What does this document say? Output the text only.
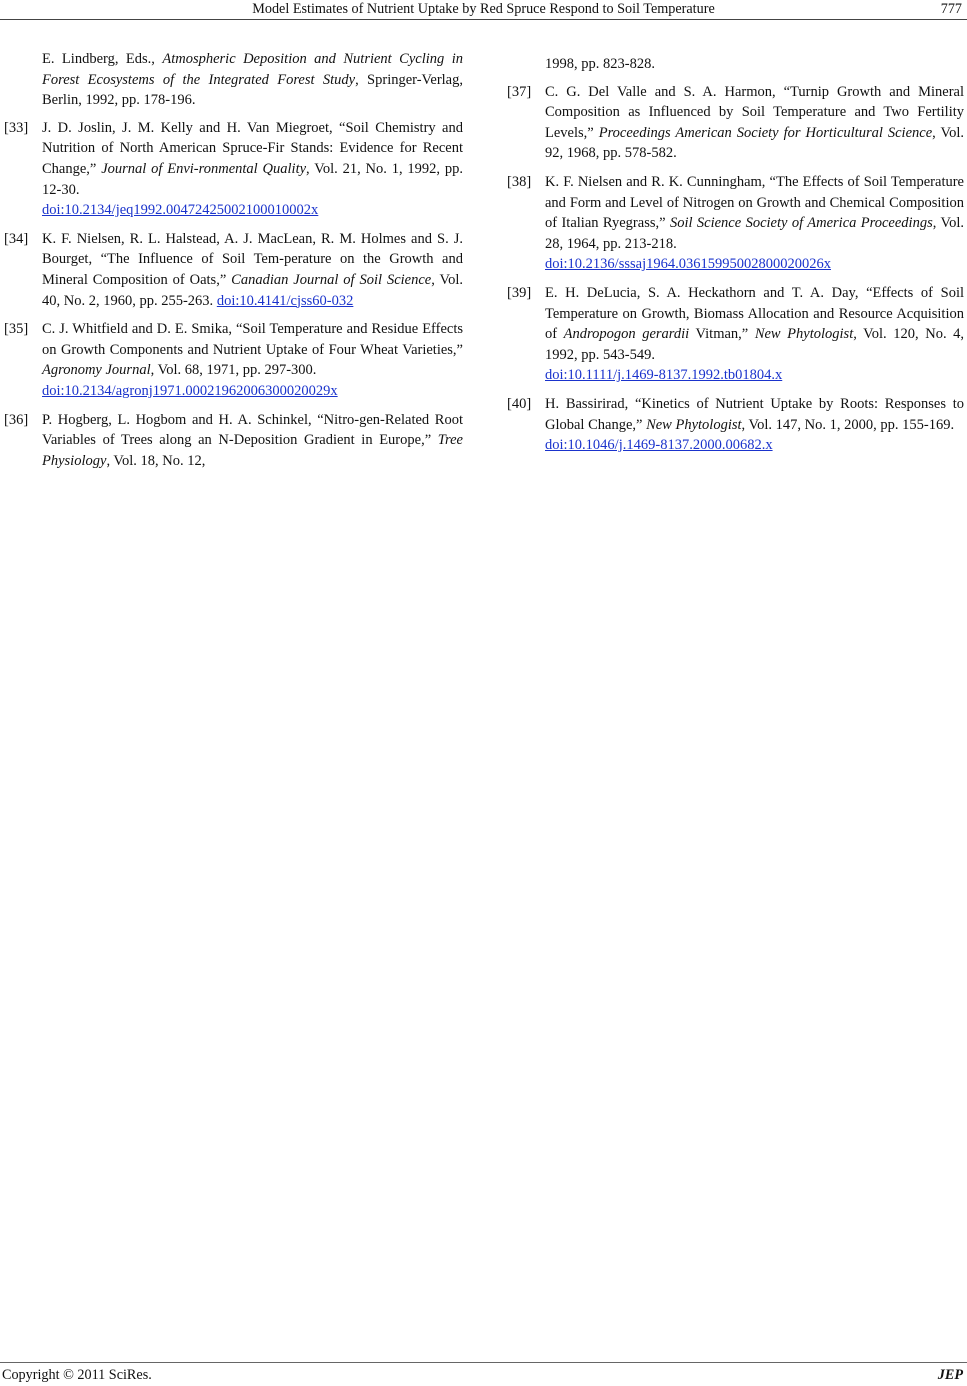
Model Estimates of Nutrient Uptake by Red Spruce Respond to Soil Temperature	777
E. Lindberg, Eds., Atmospheric Deposition and Nutrient Cycling in Forest Ecosystems of the Integrated Forest Study, Springer-Verlag, Berlin, 1992, pp. 178-196.
[33] J. D. Joslin, J. M. Kelly and H. Van Miegroet, “Soil Chemistry and Nutrition of North American Spruce-Fir Stands: Evidence for Recent Change,” Journal of Envi-ronmental Quality, Vol. 21, No. 1, 1992, pp. 12-30.
doi:10.2134/jeq1992.00472425002100010002x
[34] K. F. Nielsen, R. L. Halstead, A. J. MacLean, R. M. Holmes and S. J. Bourget, “The Influence of Soil Tem-perature on the Growth and Mineral Composition of Oats,” Canadian Journal of Soil Science, Vol. 40, No. 2, 1960, pp. 255-263. doi:10.4141/cjss60-032
[35] C. J. Whitfield and D. E. Smika, “Soil Temperature and Residue Effects on Growth Components and Nutrient Uptake of Four Wheat Varieties,” Agronomy Journal, Vol. 68, 1971, pp. 297-300.
doi:10.2134/agronj1971.00021962006300020029x
[36] P. Hogberg, L. Hogbom and H. A. Schinkel, “Nitro-gen-Related Root Variables of Trees along an N-Deposition Gradient in Europe,” Tree Physiology, Vol. 18, No. 12,
1998, pp. 823-828.
[37] C. G. Del Valle and S. A. Harmon, “Turnip Growth and Mineral Composition as Influenced by Soil Temperature and Two Fertility Levels,” Proceedings American Society for Horticultural Science, Vol. 92, 1968, pp. 578-582.
[38] K. F. Nielsen and R. K. Cunningham, “The Effects of Soil Temperature and Form and Level of Nitrogen on Growth and Chemical Composition of Italian Ryegrass,” Soil Science Society of America Proceedings, Vol. 28, 1964, pp. 213-218.
doi:10.2136/sssaj1964.03615995002800020026x
[39] E. H. DeLucia, S. A. Heckathorn and T. A. Day, “Effects of Soil Temperature on Growth, Biomass Allocation and Resource Acquisition of Andropogon gerardii Vitman,” New Phytologist, Vol. 120, No. 4, 1992, pp. 543-549.
doi:10.1111/j.1469-8137.1992.tb01804.x
[40] H. Bassirirad, “Kinetics of Nutrient Uptake by Roots: Responses to Global Change,” New Phytologist, Vol. 147, No. 1, 2000, pp. 155-169.
doi:10.1046/j.1469-8137.2000.00682.x
Copyright © 2011 SciRes.	JEP
